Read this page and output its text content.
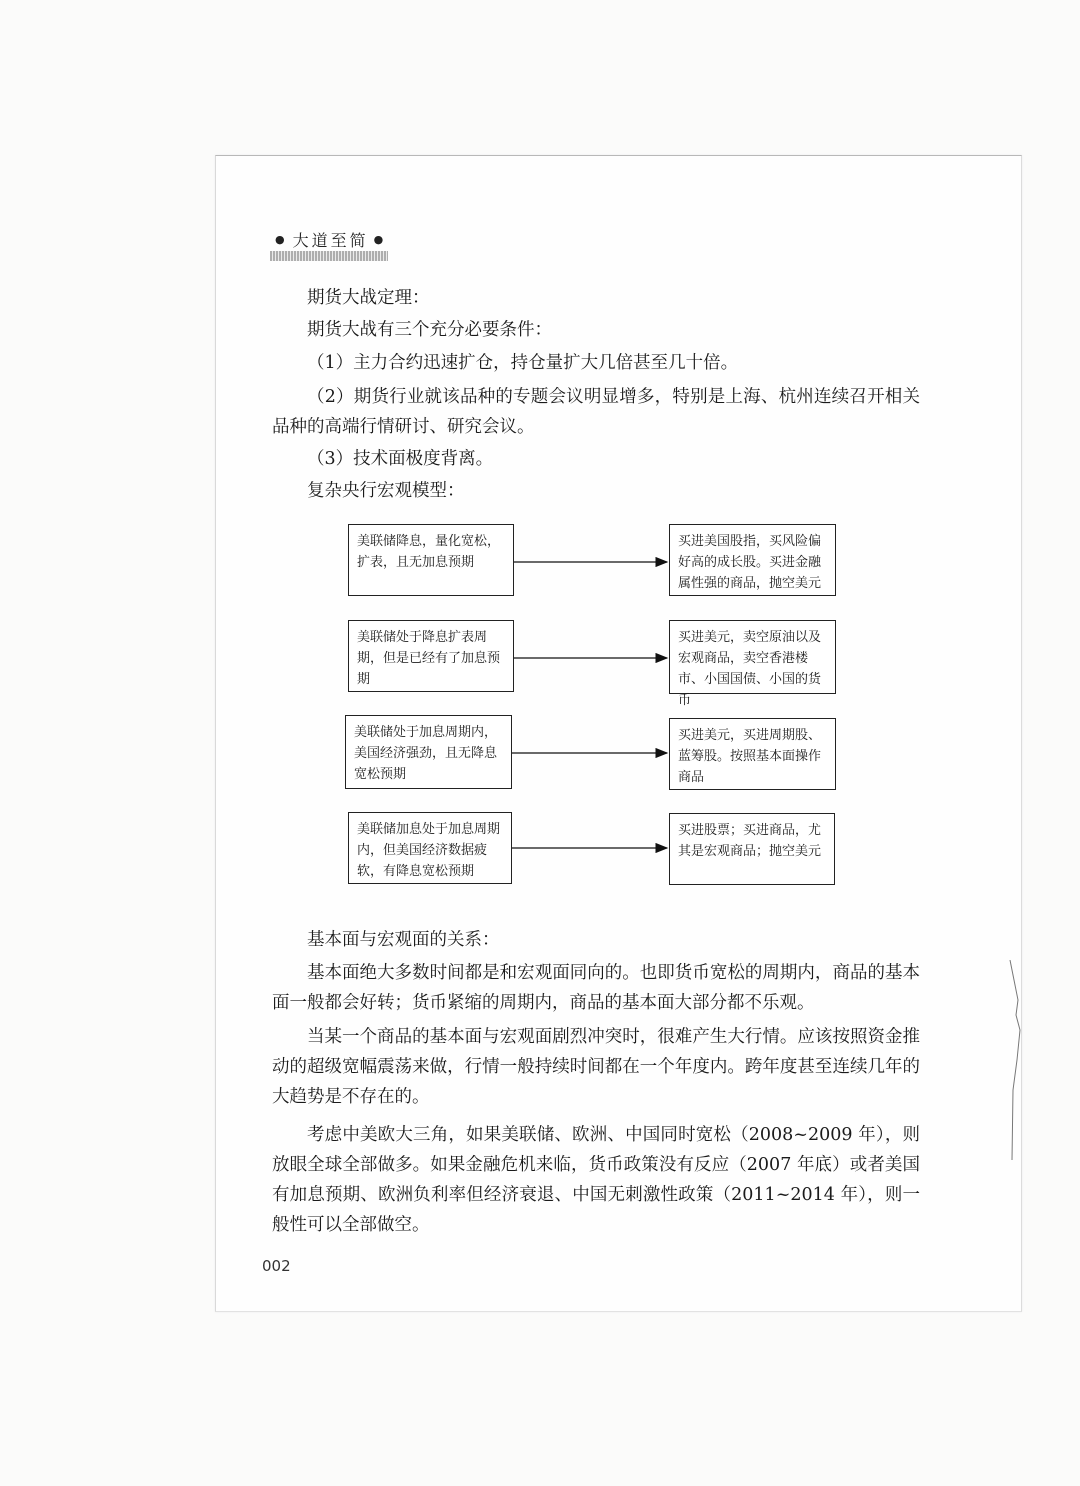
● 大道至简 ●

期货大战定理：

期货大战有三个充分必要条件：

（1）主力合约迅速扩仓，持仓量扩大几倍甚至几十倍。

（2）期货行业就该品种的专题会议明显增多，特别是上海、杭州连续召开相关品种的高端行情研讨、研究会议。

（3）技术面极度背离。

复杂央行宏观模型：

美联储降息，量化宽松，扩表，且无加息预期
买进美国股指，买风险偏好高的成长股。买进金融属性强的商品，抛空美元
美联储处于降息扩表周期，但是已经有了加息预期
买进美元，卖空原油以及宏观商品，卖空香港楼市、小国国债、小国的货币
美联储处于加息周期内，美国经济强劲，且无降息宽松预期
买进美元，买进周期股、蓝筹股。按照基本面操作商品
美联储加息处于加息周期内，但美国经济数据疲软，有降息宽松预期
买进股票；买进商品，尤其是宏观商品；抛空美元

基本面与宏观面的关系：

基本面绝大多数时间都是和宏观面同向的。也即货币宽松的周期内，商品的基本面一般都会好转；货币紧缩的周期内，商品的基本面大部分都不乐观。

当某一个商品的基本面与宏观面剧烈冲突时，很难产生大行情。应该按照资金推动的超级宽幅震荡来做，行情一般持续时间都在一个年度内。跨年度甚至连续几年的大趋势是不存在的。

考虑中美欧大三角，如果美联储、欧洲、中国同时宽松（2008~2009 年），则放眼全球全部做多。如果金融危机来临，货币政策没有反应（2007 年底）或者美国有加息预期、欧洲负利率但经济衰退、中国无刺激性政策（2011~2014 年），则一般性可以全部做空。

002
